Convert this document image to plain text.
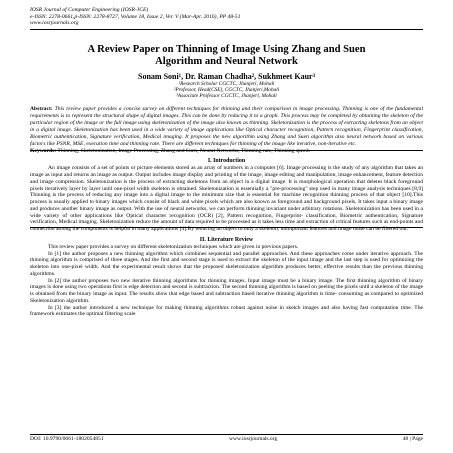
IOSR Journal of Computer Engineering (IOSR-JCE)
e-ISSN: 2278-0661,p-ISSN: 2278-8727, Volume 18, Issue 2, Ver. V (Mar-Apr. 2016), PP 48-51
www.iosrjournals.org
A Review Paper on Thinning of Image Using Zhang and Suen
Algorithm and Neural Network
Sonam Soni¹, Dr. Raman Chadha², Sukhmeet Kaur³
¹Research Scholar CGCTC, Jhanjeri, Mohali
²Professor, Head(CSE), CGCTC, Jhanjeri,Mohali
³Associate Professor CGCTC, Jhanjeri, Mohali
Abstract: This review paper provides a concise survey on different techniques for thinning and their comparison in image processing. Thinning is one of the fundamental requirements is to represent the structural shape of digital images. This can be done by reducing it to a graph. This process may be completed by obtaining the skeleton of the particular region of the image or the full image using skeletonization of the image also known as thinning. Skeletonization is the process of extracting skeletons from an object in a digital image. Skeletonization has been used in a wide variety of image applications like Optical character recognition, Pattern recognition, Fingerprint classification, Biometric authentication, Signature verification, Medical imaging. It proposes the new algorithm using Zhang and Suen algorithm also neural network based on various factors like PSNR, MSE, execution time and thinning rate. There are different techniques for thinning of the image like iterative, non-iterative etc.
Keywords: Thinning, Skeletonization, Image Processing, Zhang and Suen, Neural Networks, Thinning rate, Thinning speed.
I. Introduction

An image consists of a set of points or picture elements stored as an array of numbers in a computer [6]. Image processing is the study of any algorithm that takes an image as input and returns an image as output. Output includes image display and printing of the image, image editing and manipulation, image enhancement, feature detection and image compression. Skeletonization is the process of extracting skeletons from an object in a digital image. It is morphological operation that deletes black foreground pixels iteratively layer by layer until one-pixel width skeleton is obtained. Skeletonization is essentially a "pre-processing" step used in many image analysis techniques [8,9] Thinning is the process of reducing any image into a digital image to the minimum size that is essential for machine recognition thinning process of that object [10].This process is usually applied to binary images which consist of black and white pixels which are also known as foreground and background pixels. It takes input a binary image and produces another binary image as output. With the use of neural networks, we can perform thinning invariant under arbitrary rotations. Skeletonization has been used in a wide variety of other applications like Optical character recognition (OCR) [2], Pattern recognition, Fingerprint- classification, Biometric authentication, Signature verification, Medical imaging. Skeletonization reduce the amount of data required to be processed as it takes less time and extraction of critical features such as end-points and connection among the components is helpful in many applications [4].By reducing an object to only a skeleton, unimportant features and image noise can be filtered out.

II. Literature Review

This review paper provides a survey on different skeletonization techniques which are given in previous papers.

In [1] the author proposes a new thinning algorithm which combines sequential and parallel approaches. And these approaches come under iterative approach. The thinning algorithm is comprised of three stages. And the first and second stage is used to extract the skeleton of the input image and the last step is used for optimizing the skeleton into one-pixel width. And the experimental result shows that the proposed skeletonization algorithm produces better, effective results than the previous thinning algorithms.

In [2] the author proposes two new iterative thinning algorithms for thinning images. Input image must be a binary image. The first thinning algorithm of binary images is done using two operations first is edge detection and second is subtraction. The second thinning algorithm is based on peeling the pixels until a skeleton of the image is obtained from the binary image as input. The results show that edge based and subtraction based iterative thinning algorithm is time- consuming as compared to optimized Skeletonization algorithm.

In [3] the author introduced a new technique for making thinning algorithms robust against noise in sketch images and also having fast computation time. The framework estimates the optimal filtering scale

DOI: 10.9790/0661-1802054851	www.iosrjournals.org	48 | Page
